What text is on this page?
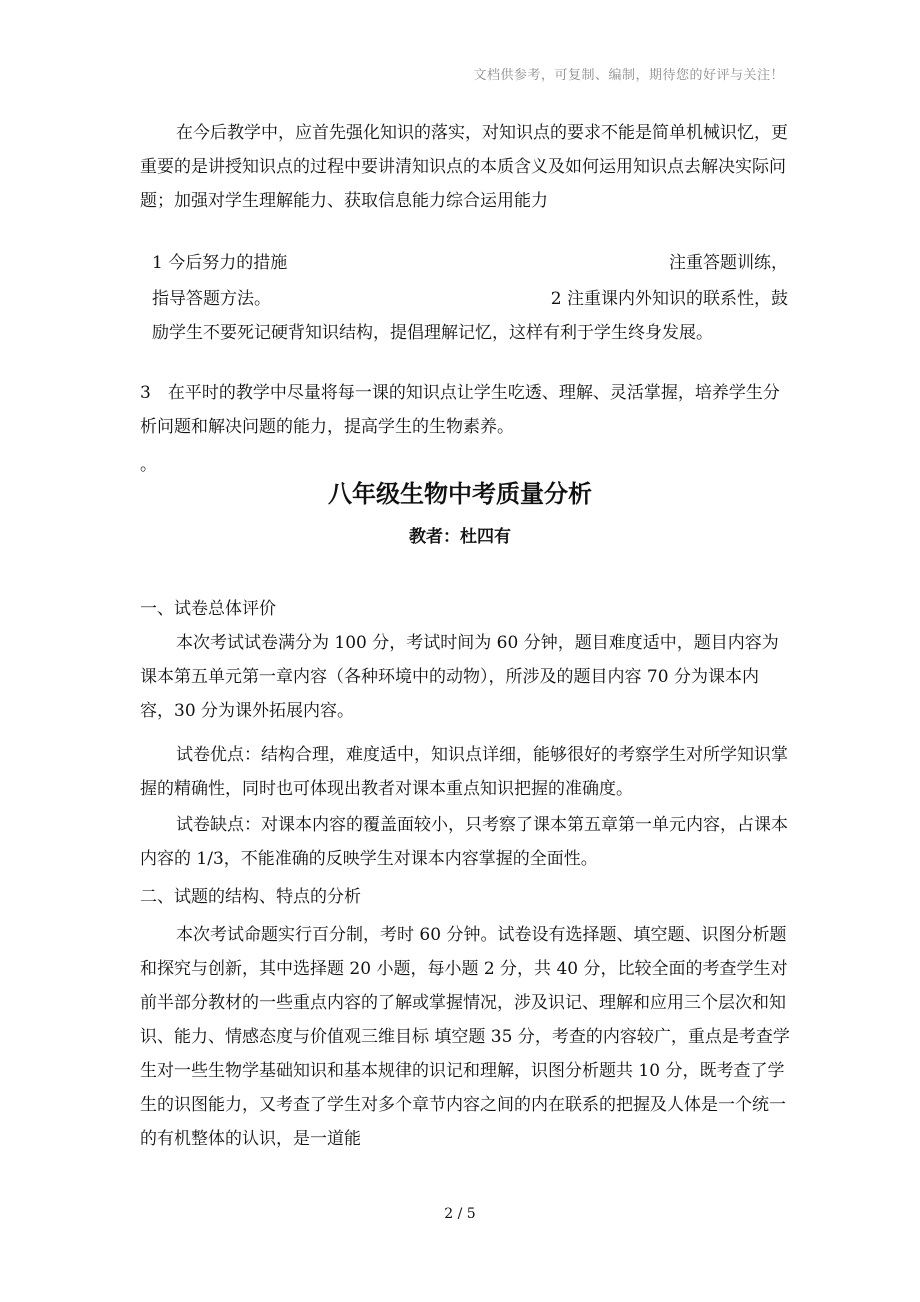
文档供参考，可复制、编制，期待您的好评与关注！

在今后教学中，应首先强化知识的落实，对知识点的要求不能是简单机械识忆，更重要的是讲授知识点的过程中要讲清知识点的本质含义及如何运用知识点去解决实际问题；加强对学生理解能力、获取信息能力综合运用能力

1 今后努力的措施	注重答题训练，
指导答题方法。	2 注重课内外知识的联系性，鼓
励学生不要死记硬背知识结构，提倡理解记忆，这样有利于学生终身发展。

3　在平时的教学中尽量将每一课的知识点让学生吃透、理解、灵活掌握，培养学生分析问题和解决问题的能力，提高学生的生物素养。

。
八年级生物中考质量分析
教者：杜四有
一、试卷总体评价

本次考试试卷满分为 100 分，考试时间为 60 分钟，题目难度适中，题目内容为课本第五单元第一章内容（各种环境中的动物），所涉及的题目内容 70 分为课本内容，30 分为课外拓展内容。

试卷优点：结构合理，难度适中，知识点详细，能够很好的考察学生对所学知识掌握的精确性，同时也可体现出教者对课本重点知识把握的准确度。

试卷缺点：对课本内容的覆盖面较小，只考察了课本第五章第一单元内容，占课本内容的 1/3，不能准确的反映学生对课本内容掌握的全面性。

二、试题的结构、特点的分析

本次考试命题实行百分制，考时 60 分钟。试卷设有选择题、填空题、识图分析题和探究与创新，其中选择题 20 小题，每小题 2 分，共 40 分，比较全面的考查学生对前半部分教材的一些重点内容的了解或掌握情况，涉及识记、理解和应用三个层次和知识、能力、情感态度与价值观三维目标 填空题 35 分，考查的内容较广，重点是考查学生对一些生物学基础知识和基本规律的识记和理解，识图分析题共 10 分，既考查了学生的识图能力，又考查了学生对多个章节内容之间的内在联系的把握及人体是一个统一的有机整体的认识，是一道能

2 / 5
